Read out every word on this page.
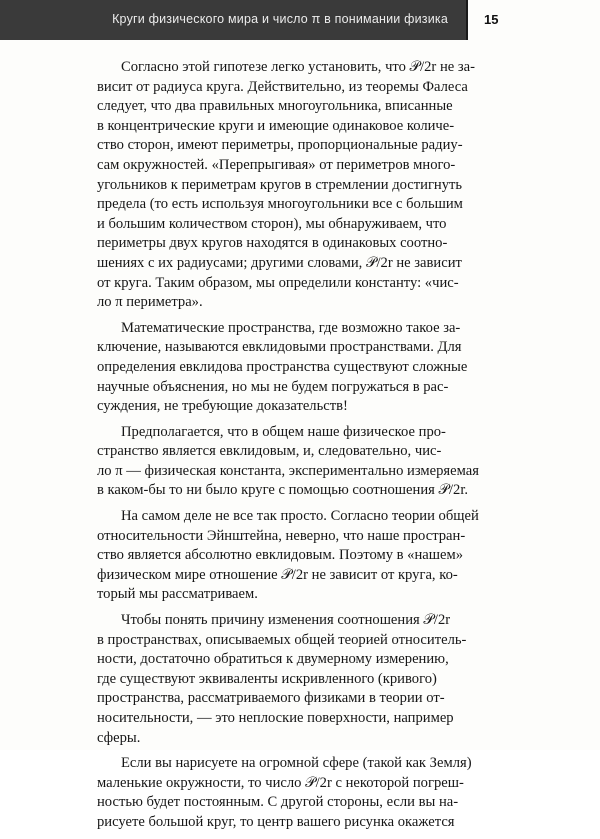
Круги физического мира и число π в понимании физика	15

Согласно этой гипотезе легко установить, что 𝒫/2r не за-
висит от радиуса круга. Действительно, из теоремы Фалеса
следует, что два правильных многоугольника, вписанные
в концентрические круги и имеющие одинаковое количе-
ство сторон, имеют периметры, пропорциональные радиу-
сам окружностей. «Перепрыгивая» от периметров много-
угольников к периметрам кругов в стремлении достигнуть
предела (то есть используя многоугольники все с большим
и большим количеством сторон), мы обнаруживаем, что
периметры двух кругов находятся в одинаковых соотно-
шениях с их радиусами; другими словами, 𝒫/2r не зависит
от круга. Таким образом, мы определили константу: «чис-
ло π периметра».

Математические пространства, где возможно такое за-
ключение, называются евклидовыми пространствами. Для
определения евклидова пространства существуют сложные
научные объяснения, но мы не будем погружаться в рас-
суждения, не требующие доказательств!

Предполагается, что в общем наше физическое про-
странство является евклидовым, и, следовательно, чис-
ло π — физическая константа, экспериментально измеряемая
в каком-бы то ни было круге с помощью соотношения 𝒫/2r.

На самом деле не все так просто. Согласно теории общей
относительности Эйнштейна, неверно, что наше простран-
ство является абсолютно евклидовым. Поэтому в «нашем»
физическом мире отношение 𝒫/2r не зависит от круга, ко-
торый мы рассматриваем.

Чтобы понять причину изменения соотношения 𝒫/2r
в пространствах, описываемых общей теорией относитель-
ности, достаточно обратиться к двумерному измерению,
где существуют эквиваленты искривленного (кривого)
пространства, рассматриваемого физиками в теории от-
носительности, — это неплоские поверхности, например
сферы.

Если вы нарисуете на огромной сфере (такой как Земля)
маленькие окружности, то число 𝒫/2r с некоторой погреш-
ностью будет постоянным. С другой стороны, если вы на-
рисуете большой круг, то центр вашего рисунка окажется
